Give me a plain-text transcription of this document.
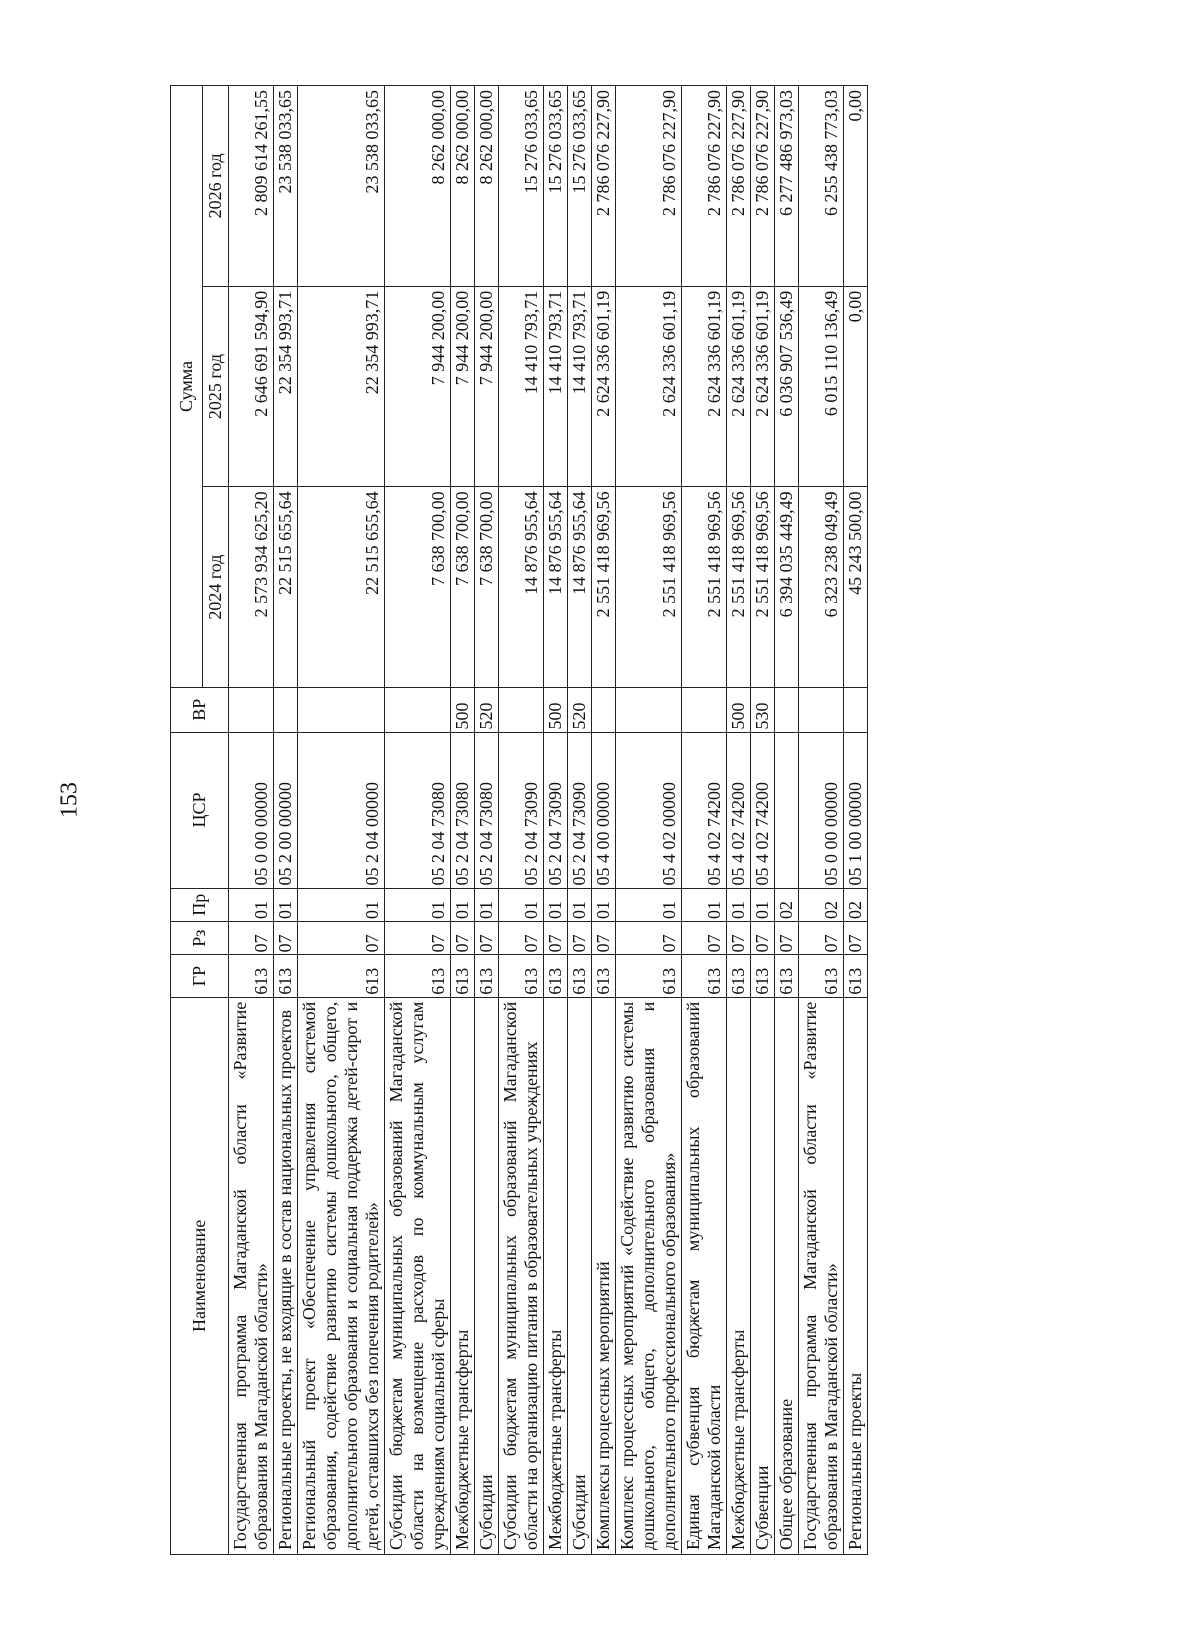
153
Наименование	ГР	Рз	Пр	ЦСР	ВР	Сумма		
						2024 год	2025 год	2026 год
Государственная программа Магаданской области «Развитие образования в Магаданской области»	613	07	01	05 0 00 00000		2 573 934 625,20	2 646 691 594,90	2 809 614 261,55
Региональные проекты, не входящие в состав национальных проектов	613	07	01	05 2 00 00000		22 515 655,64	22 354 993,71	23 538 033,65
Региональный проект «Обеспечение управления системой образования, содействие развитию системы дошкольного, общего, дополнительного образования и социальная поддержка детей-сирот и детей, оставшихся без попечения родителей»	613	07	01	05 2 04 00000		22 515 655,64	22 354 993,71	23 538 033,65
Субсидии бюджетам муниципальных образований Магаданской области на возмещение расходов по коммунальным услугам учреждениям социальной сферы	613	07	01	05 2 04 73080		7 638 700,00	7 944 200,00	8 262 000,00
Межбюджетные трансферты	613	07	01	05 2 04 73080	500	7 638 700,00	7 944 200,00	8 262 000,00
Субсидии	613	07	01	05 2 04 73080	520	7 638 700,00	7 944 200,00	8 262 000,00
Субсидии бюджетам муниципальных образований Магаданской области на организацию питания в образовательных учреждениях	613	07	01	05 2 04 73090		14 876 955,64	14 410 793,71	15 276 033,65
Межбюджетные трансферты	613	07	01	05 2 04 73090	500	14 876 955,64	14 410 793,71	15 276 033,65
Субсидии	613	07	01	05 2 04 73090	520	14 876 955,64	14 410 793,71	15 276 033,65
Комплексы процессных мероприятий	613	07	01	05 4 00 00000		2 551 418 969,56	2 624 336 601,19	2 786 076 227,90
Комплекс процессных мероприятий «Содействие развитию системы дошкольного, общего, дополнительного образования и дополнительного профессионального образования»	613	07	01	05 4 02 00000		2 551 418 969,56	2 624 336 601,19	2 786 076 227,90
Единая субвенция бюджетам муниципальных образований Магаданской области	613	07	01	05 4 02 74200		2 551 418 969,56	2 624 336 601,19	2 786 076 227,90
Межбюджетные трансферты	613	07	01	05 4 02 74200	500	2 551 418 969,56	2 624 336 601,19	2 786 076 227,90
Субвенции	613	07	01	05 4 02 74200	530	2 551 418 969,56	2 624 336 601,19	2 786 076 227,90
Общее образование	613	07	02			6 394 035 449,49	6 036 907 536,49	6 277 486 973,03
Государственная программа Магаданской области «Развитие образования в Магаданской области»	613	07	02	05 0 00 00000		6 323 238 049,49	6 015 110 136,49	6 255 438 773,03
Региональные проекты	613	07	02	05 1 00 00000		45 243 500,00	0,00	0,00
